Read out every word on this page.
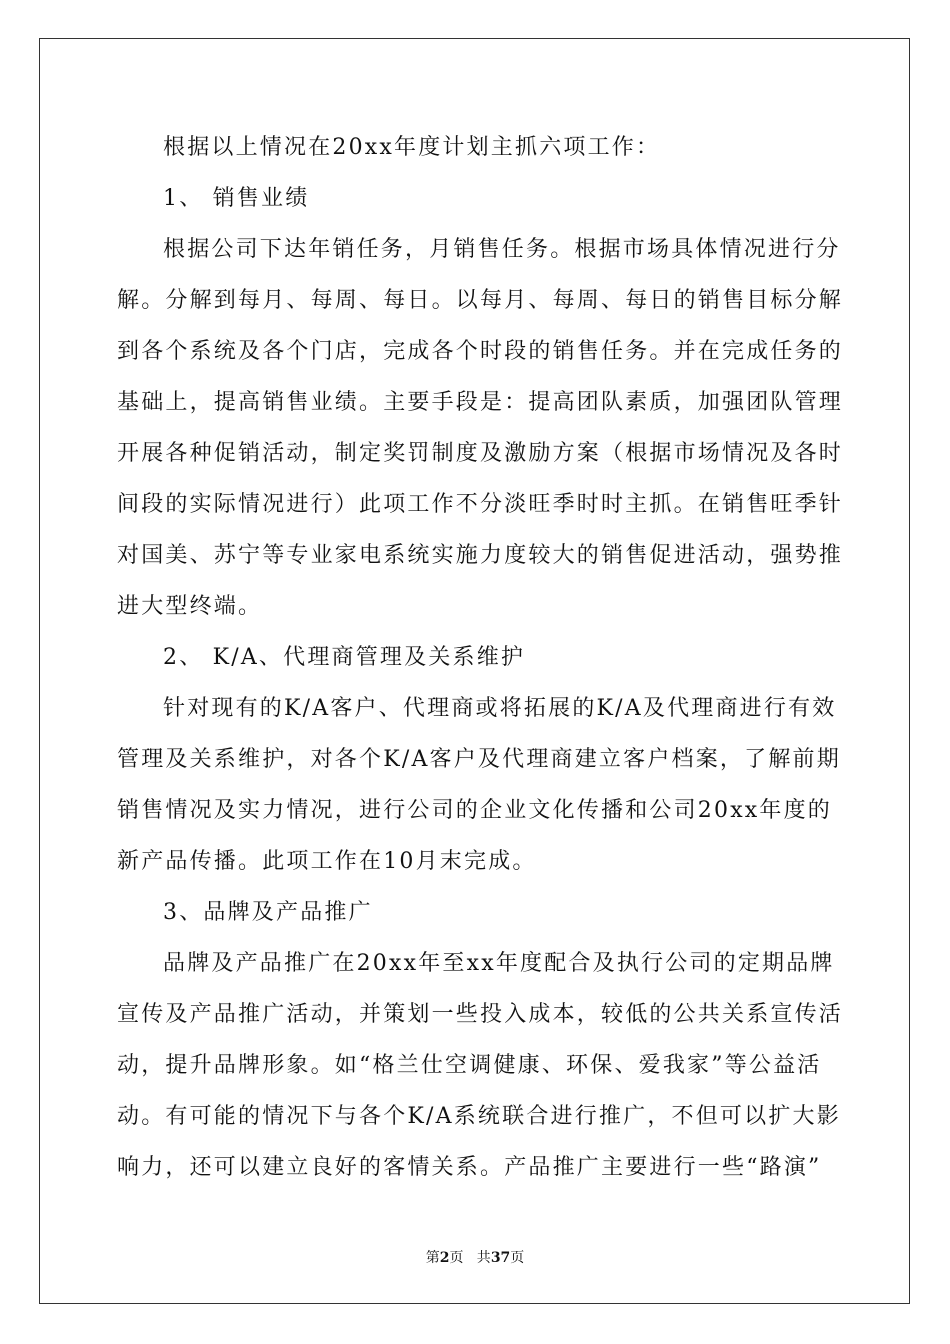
根据以上情况在20xx年度计划主抓六项工作：
1、 销售业绩
根据公司下达年销任务，月销售任务。根据市场具体情况进行分
解。分解到每月、每周、每日。以每月、每周、每日的销售目标分解
到各个系统及各个门店，完成各个时段的销售任务。并在完成任务的
基础上，提高销售业绩。主要手段是：提高团队素质，加强团队管理
开展各种促销活动，制定奖罚制度及激励方案（根据市场情况及各时
间段的实际情况进行）此项工作不分淡旺季时时主抓。在销售旺季针
对国美、苏宁等专业家电系统实施力度较大的销售促进活动，强势推
进大型终端。
2、 K/A、代理商管理及关系维护
针对现有的K/A客户、代理商或将拓展的K/A及代理商进行有效
管理及关系维护，对各个K/A客户及代理商建立客户档案，了解前期
销售情况及实力情况，进行公司的企业文化传播和公司20xx年度的
新产品传播。此项工作在10月末完成。
3、品牌及产品推广
品牌及产品推广在20xx年至xx年度配合及执行公司的定期品牌
宣传及产品推广活动，并策划一些投入成本，较低的公共关系宣传活
动，提升品牌形象。如“格兰仕空调健康、环保、爱我家”等公益活
动。有可能的情况下与各个K/A系统联合进行推广，不但可以扩大影
响力，还可以建立良好的客情关系。产品推广主要进行一些“路演”
第2页   共37页
